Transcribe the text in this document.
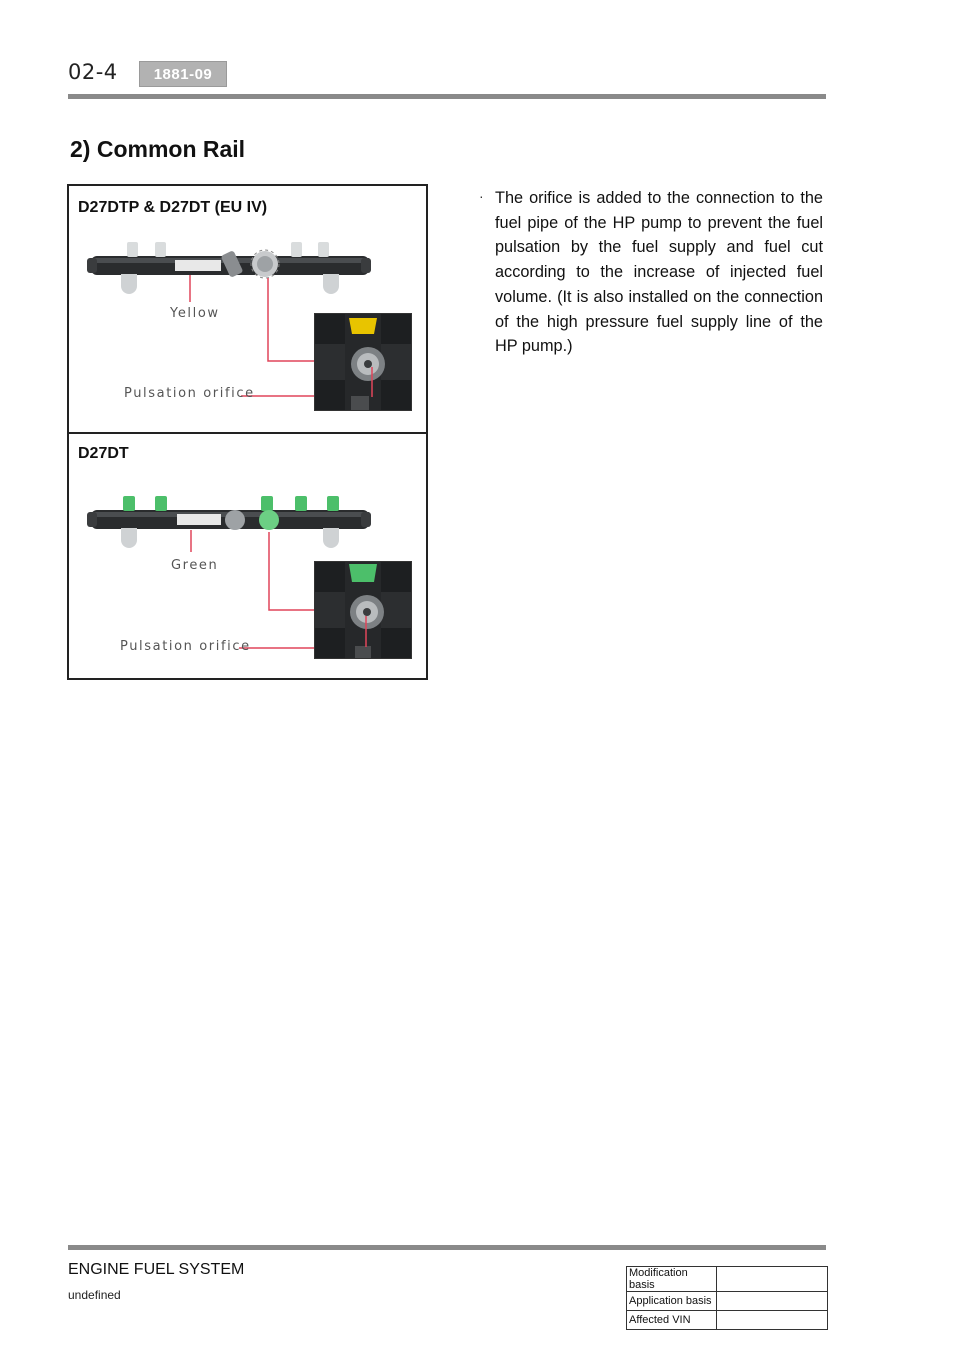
02-4	1881-09
2) Common Rail
D27DTP & D27DT (EU IV)
Yellow
Pulsation orifice
D27DT
Green
Pulsation orifice
· The orifice is added to the connection to the fuel pipe of the HP pump to prevent the fuel pulsation by the fuel supply and fuel cut according to the increase of injected fuel volume. (It is also installed on the connection of the high pressure fuel supply line of the HP pump.)
ENGINE FUEL SYSTEM
undefined
Modification basis	
Application basis	
Affected VIN	
